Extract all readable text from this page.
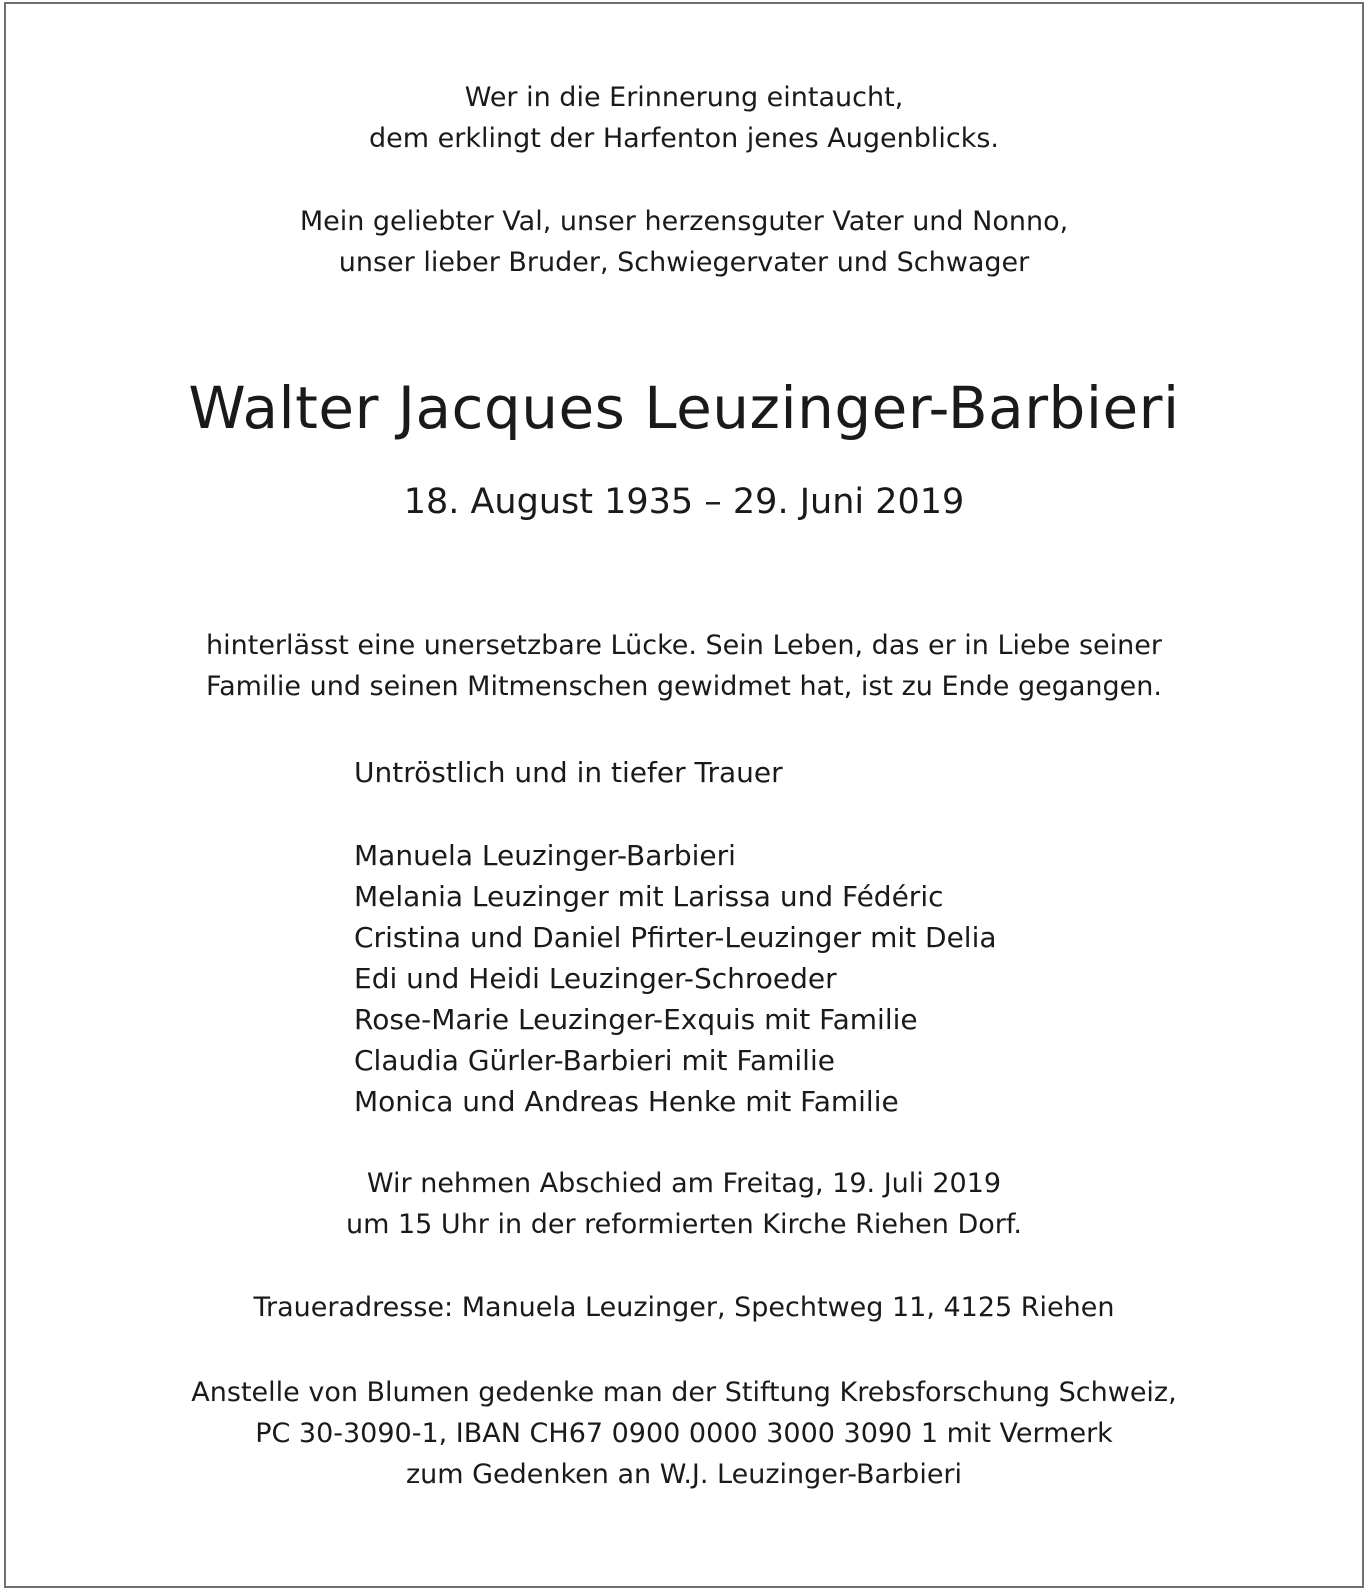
Wer in die Erinnerung eintaucht,
dem erklingt der Harfenton jenes Augenblicks.
Mein geliebter Val, unser herzensguter Vater und Nonno,
unser lieber Bruder, Schwiegervater und Schwager
Walter Jacques Leuzinger-Barbieri
18. August 1935 – 29. Juni 2019
hinterlässt eine unersetzbare Lücke. Sein Leben, das er in Liebe seiner
Familie und seinen Mitmenschen gewidmet hat, ist zu Ende gegangen.
Untröstlich und in tiefer Trauer
Manuela Leuzinger-Barbieri
Melania Leuzinger mit Larissa und Fédéric
Cristina und Daniel Pfirter-Leuzinger mit Delia
Edi und Heidi Leuzinger-Schroeder
Rose-Marie Leuzinger-Exquis mit Familie
Claudia Gürler-Barbieri mit Familie
Monica und Andreas Henke mit Familie
Wir nehmen Abschied am Freitag, 19. Juli 2019
um 15 Uhr in der reformierten Kirche Riehen Dorf.
Traueradresse: Manuela Leuzinger, Spechtweg 11, 4125 Riehen
Anstelle von Blumen gedenke man der Stiftung Krebsforschung Schweiz,
PC 30-3090-1, IBAN CH67 0900 0000 3000 3090 1 mit Vermerk
zum Gedenken an W.J. Leuzinger-Barbieri
